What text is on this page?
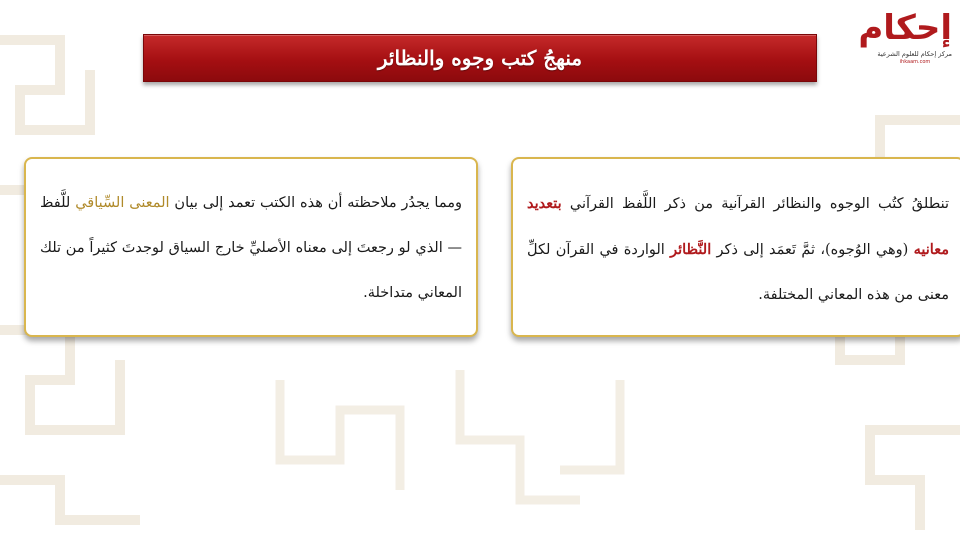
منهجُ كتب وجوه والنظائر
إحكام
مركز إحكام للعلوم الشرعية
ihkaam.com

تنطلقُ كتُب الوجوه والنظائر القرآنية من ذكر اللَّفظ القرآني بتعديد معانيه (وهي الوُجوه)، ثمَّ تَعمَد إلى ذكر النَّظائر الواردة في القرآن لكلِّ معنى من هذه المعاني المختلفة.

ومما يجدُر ملاحظته أن هذه الكتب تعمد إلى بيان المعنى السِّياقي للَّفظ — الذي لو رجعتَ إلى معناه الأصليِّ خارج السياق لوجدتَ كثيراً من تلك المعاني متداخلة.
